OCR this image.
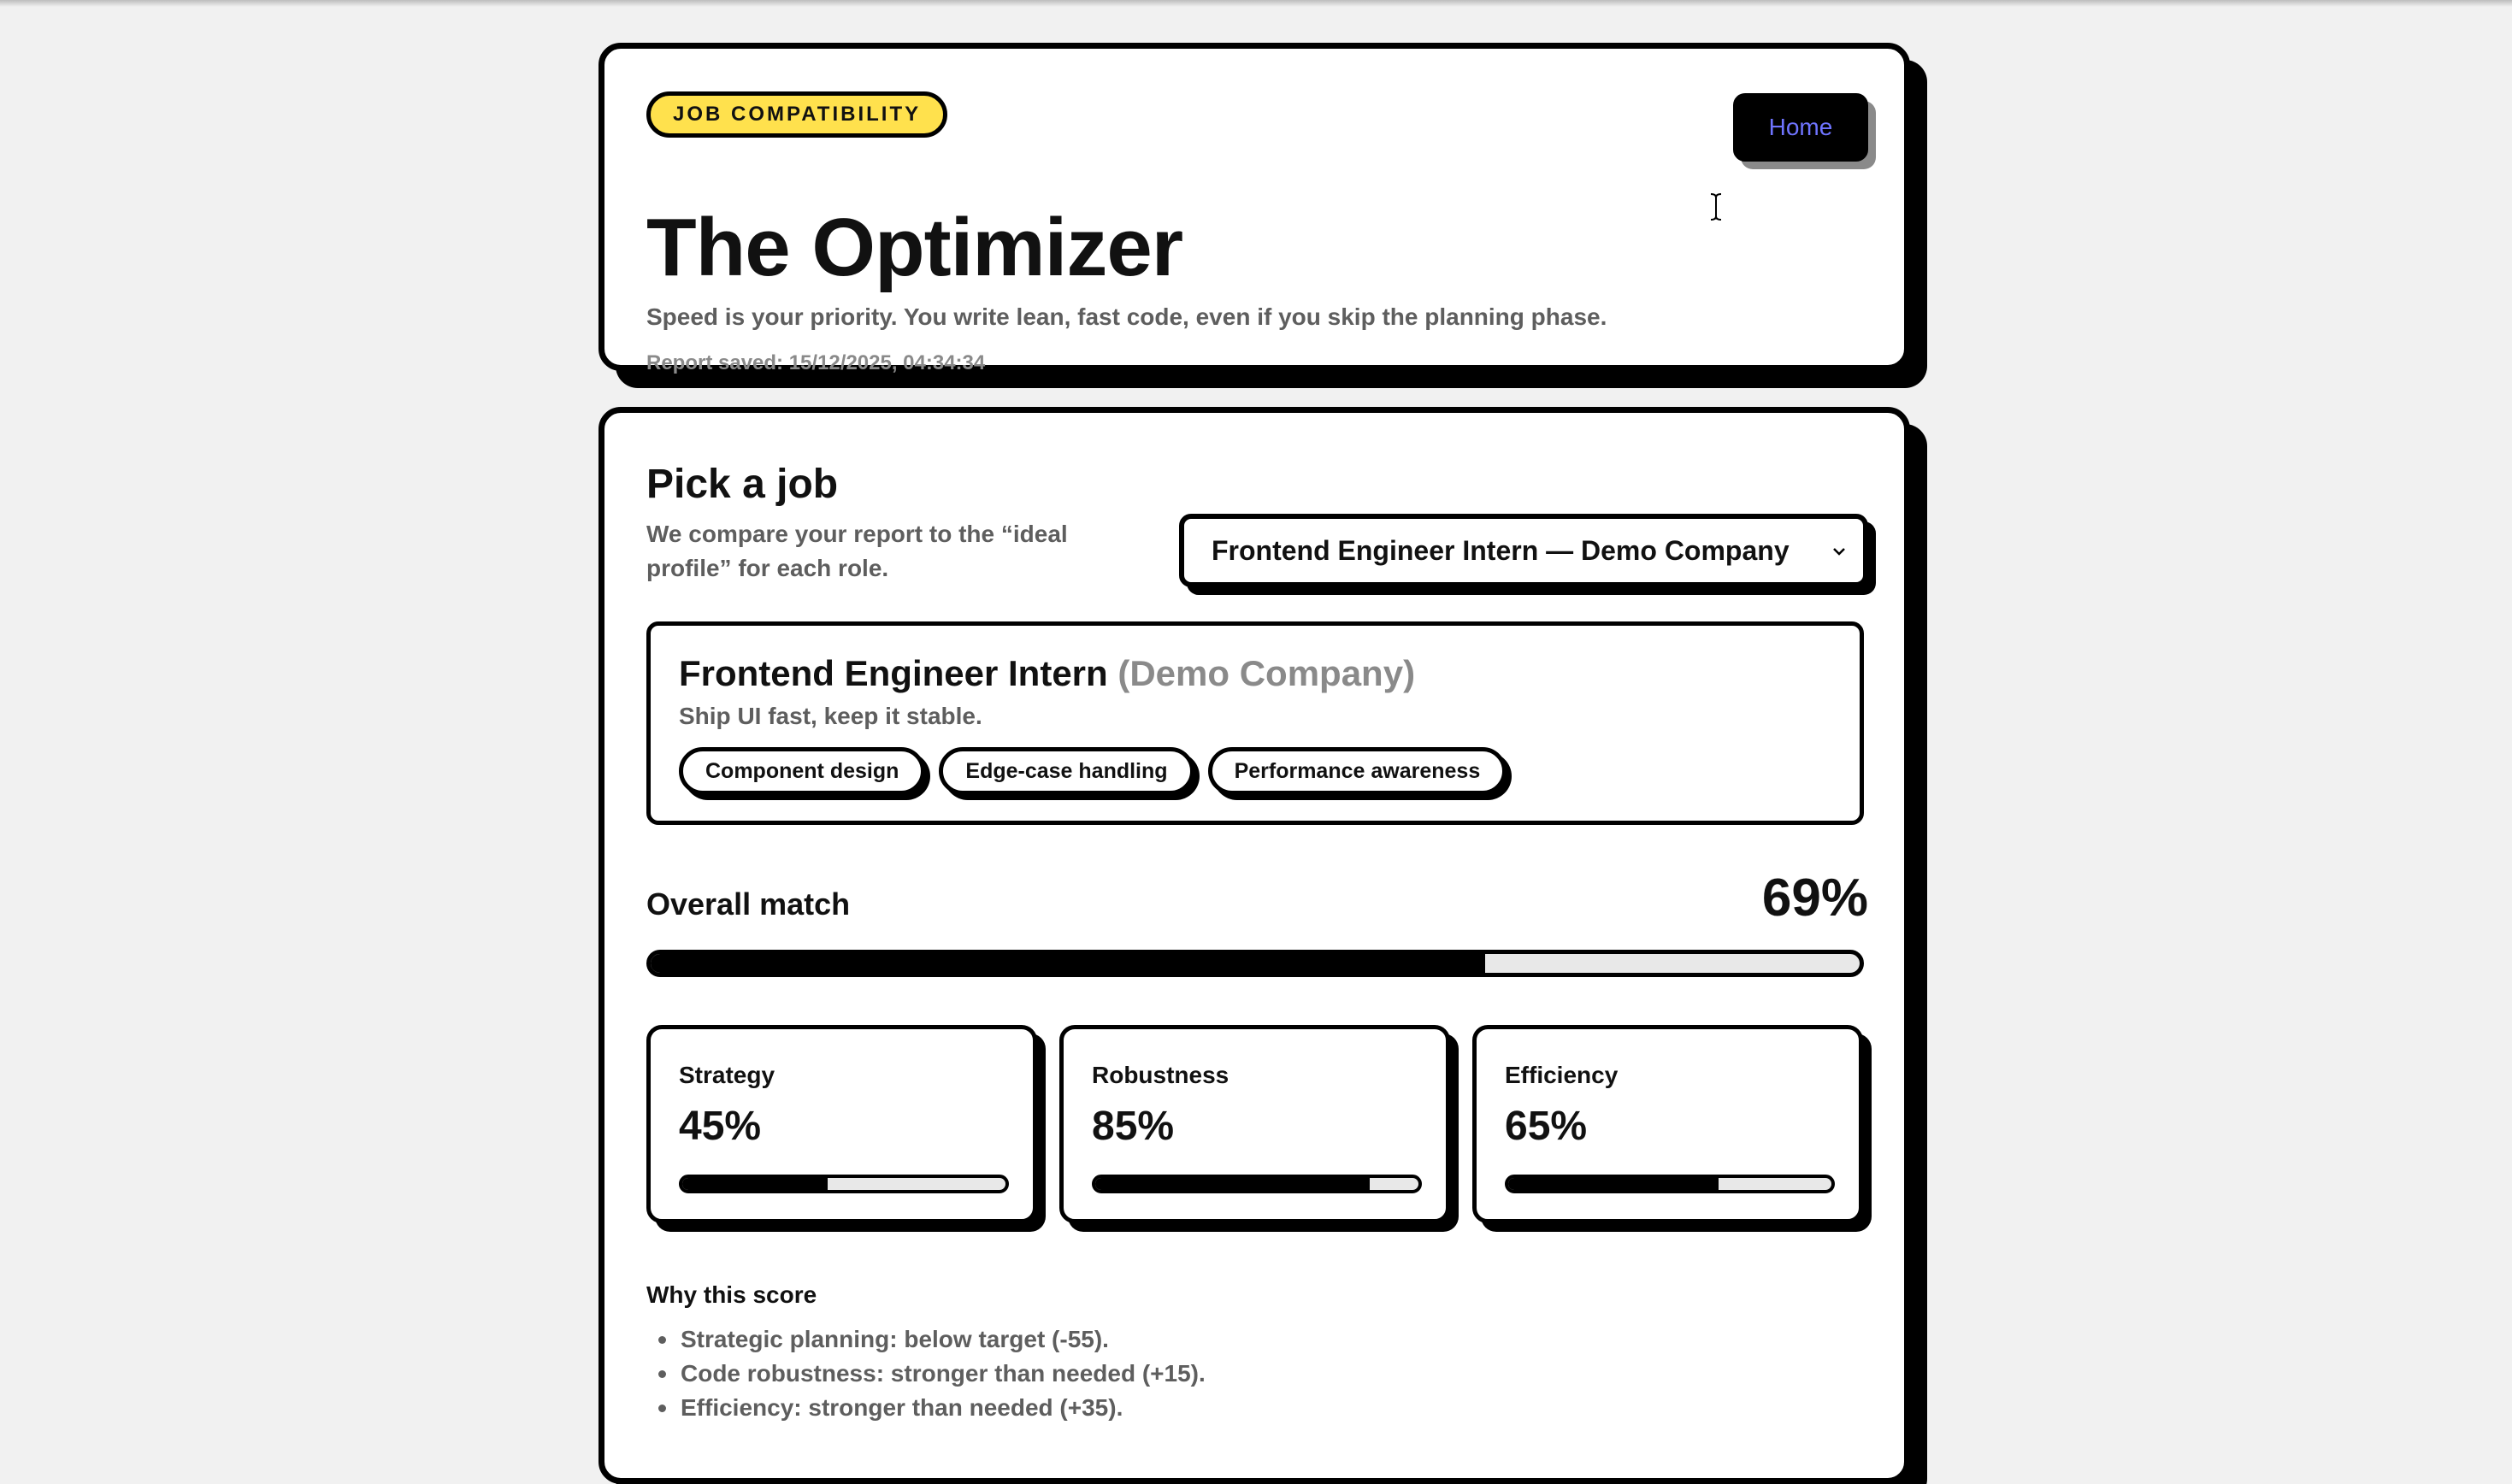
JOB COMPATIBILITY	Home
The Optimizer

Speed is your priority. You write lean, fast code, even if you skip the planning phase.

Report saved: 15/12/2025, 04:34:34

Pick a job

We compare your report to the “ideal profile” for each role.

Frontend Engineer Intern — Demo Company
Frontend Engineer Intern (Demo Company)

Ship UI fast, keep it stable.

Component design	Edge-case handling	Performance awareness
Overall match	69%
Strategy
45%
Robustness
85%
Efficiency
65%
Why this score
Strategic planning: below target (-55).
Code robustness: stronger than needed (+15).
Efficiency: stronger than needed (+35).
